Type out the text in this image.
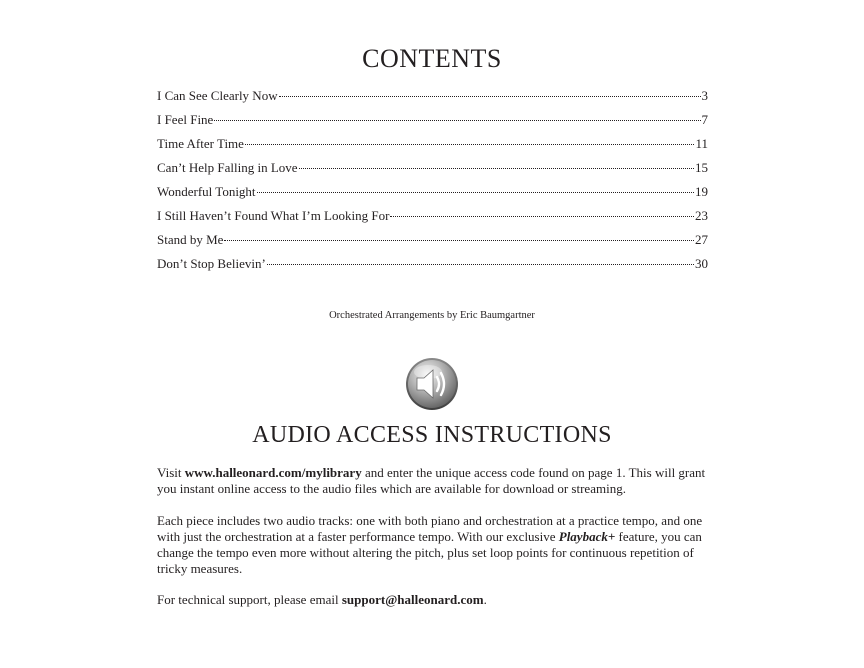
CONTENTS
I Can See Clearly Now	3
I Feel Fine	7
Time After Time	11
Can’t Help Falling in Love	15
Wonderful Tonight	19
I Still Haven’t Found What I’m Looking For	23
Stand by Me	27
Don’t Stop Believin’	30
Orchestrated Arrangements by Eric Baumgartner
AUDIO ACCESS INSTRUCTIONS
Visit www.halleonard.com/mylibrary and enter the unique access code found on page 1. This will grant you instant online access to the audio files which are available for download or streaming.
Each piece includes two audio tracks: one with both piano and orchestration at a practice tempo, and one with just the orchestration at a faster performance tempo. With our exclusive Playback+ feature, you can change the tempo even more without altering the pitch, plus set loop points for continuous repetition of tricky measures.
For technical support, please email support@halleonard.com.
